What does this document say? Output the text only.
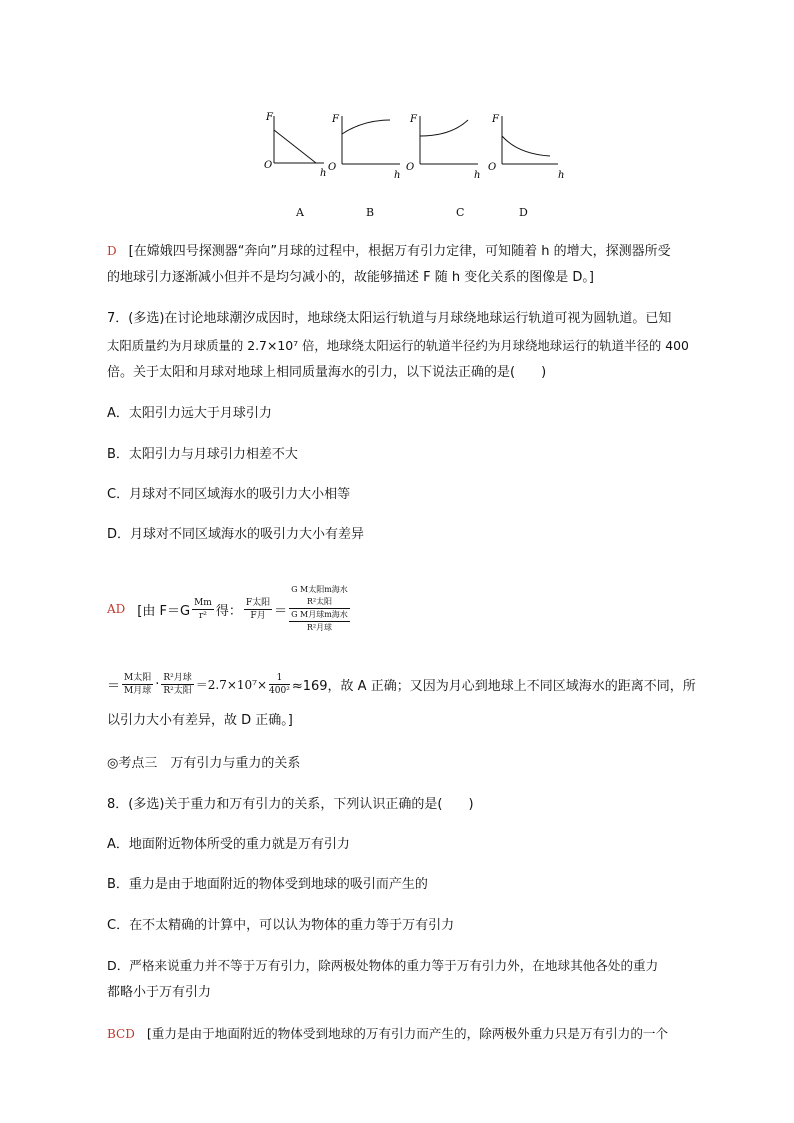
F
O
h
F
O
h
F
O
h
F
O
h
A	B	C	D
D [在嫦娥四号探测器“奔向”月球的过程中，根据万有引力定律，可知随着 h 的增大，探测器所受
的地球引力逐渐减小但并不是均匀减小的，故能够描述 F 随 h 变化关系的图像是 D。]
7．(多选)在讨论地球潮汐成因时，地球绕太阳运行轨道与月球绕地球运行轨道可视为圆轨道。已知
太阳质量约为月球质量的 2.7×10⁷ 倍，地球绕太阳运行的轨道半径约为月球绕地球运行的轨道半径的 400
倍。关于太阳和月球对地球上相同质量海水的引力，以下说法正确的是(　　)
A．太阳引力远大于月球引力
B．太阳引力与月球引力相差不大
C．月球对不同区域海水的吸引力大小相等
D．月球对不同区域海水的吸引力大小有差异
AD [由 $F=G \frac{Mm}{\text{r²}}$ 得： $\frac{\text{F太阳}}{\text{F月}}$ ＝
G M太阳m海水
R²太阳
G M月球m海水
R²月球
＝ $\frac{\text{M太阳}}{\text{M月球}} \cdot \frac{\text{R²月球}}{\text{R²太阳}} =2.7\times 10^7\times \frac{1}{\text{400²}} \approx 169$，故 A 正确；又因为月心到地球上不同区域海水的距离不同，所
以引力大小有差异，故 D 正确。]
◎考点三　万有引力与重力的关系
8．(多选)关于重力和万有引力的关系，下列认识正确的是(　　)
A．地面附近物体所受的重力就是万有引力
B．重力是由于地面附近的物体受到地球的吸引而产生的
C．在不太精确的计算中，可以认为物体的重力等于万有引力
D．严格来说重力并不等于万有引力，除两极处物体的重力等于万有引力外，在地球其他各处的重力
都略小于万有引力
BCD [重力是由于地面附近的物体受到地球的万有引力而产生的，除两极外重力只是万有引力的一个
